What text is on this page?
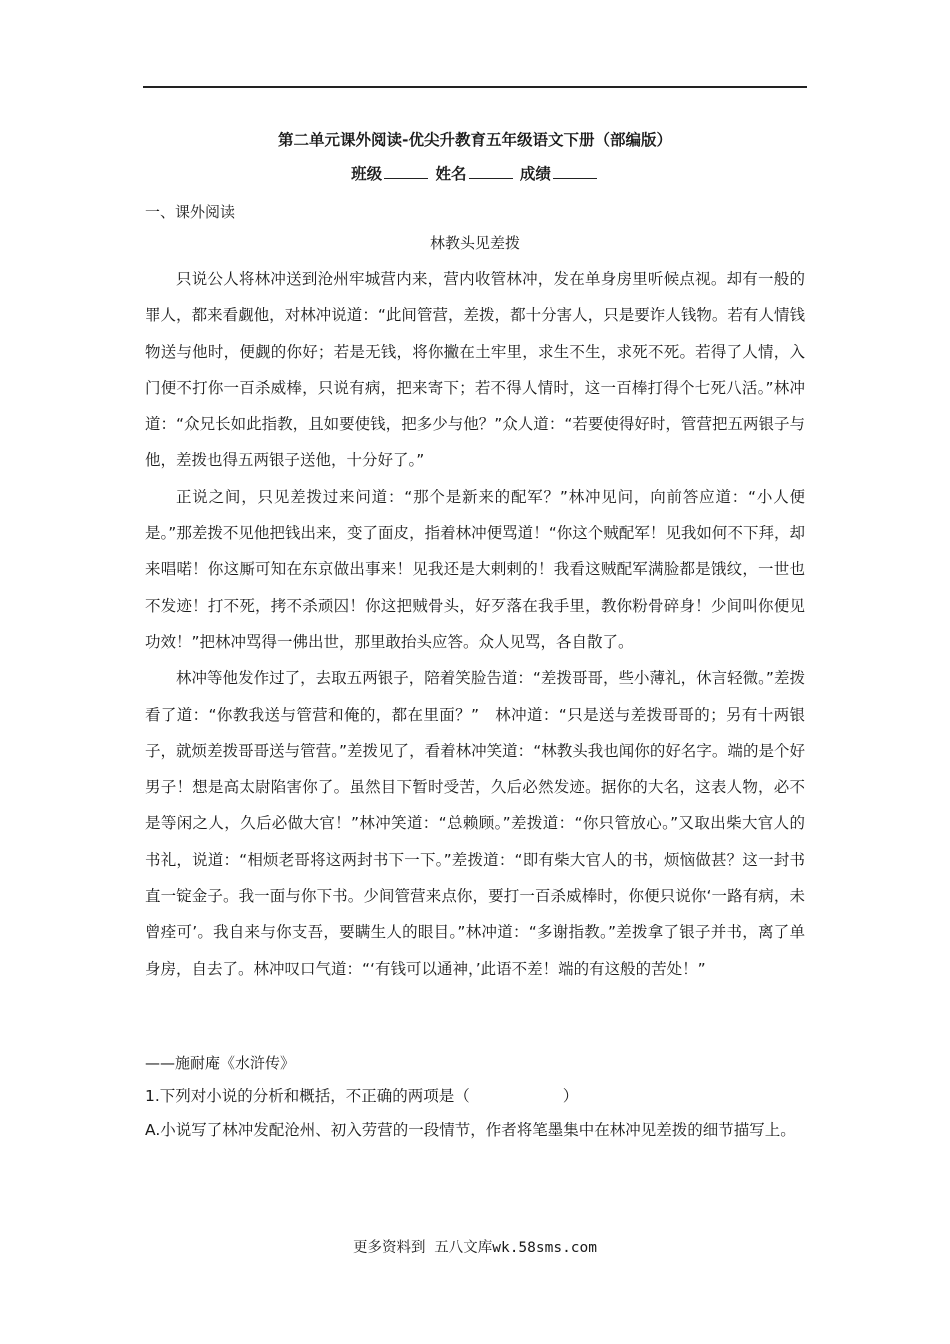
第二单元课外阅读-优尖升教育五年级语文下册（部编版）
班级	姓名	成绩
一、课外阅读
林教头见差拨

只说公人将林冲送到沧州牢城营内来，营内收管林冲，发在单身房里听候点视。却有一般的罪人，都来看觑他，对林冲说道：“此间管营，差拨，都十分害人，只是要诈人钱物。若有人情钱物送与他时，便觑的你好；若是无钱，将你撇在土牢里，求生不生，求死不死。若得了人情，入门便不打你一百杀威棒，只说有病，把来寄下；若不得人情时，这一百棒打得个七死八活。”林冲道：“众兄长如此指教，且如要使钱，把多少与他？”众人道：“若要使得好时，管营把五两银子与他，差拨也得五两银子送他，十分好了。”

正说之间，只见差拨过来问道：“那个是新来的配军？”林冲见问，向前答应道：“小人便是。”那差拨不见他把钱出来，变了面皮，指着林冲便骂道！“你这个贼配军！见我如何不下拜，却来唱喏！你这厮可知在东京做出事来！见我还是大剌剌的！我看这贼配军满脸都是饿纹，一世也不发迹！打不死，拷不杀顽囚！你这把贼骨头，好歹落在我手里，教你粉骨碎身！少间叫你便见功效！”把林冲骂得一佛出世，那里敢抬头应答。众人见骂，各自散了。

林冲等他发作过了，去取五两银子，陪着笑脸告道：“差拨哥哥，些小薄礼，休言轻微。”差拨看了道：“你教我送与管营和俺的，都在里面？”　林冲道：“只是送与差拨哥哥的；另有十两银子，就烦差拨哥哥送与管营。”差拨见了，看着林冲笑道：“林教头我也闻你的好名字。端的是个好男子！想是高太尉陷害你了。虽然目下暂时受苦，久后必然发迹。据你的大名，这表人物，必不是等闲之人，久后必做大官！”林冲笑道：“总赖顾。”差拨道：“你只管放心。”又取出柴大官人的书礼，说道：“相烦老哥将这两封书下一下。”差拨道：“即有柴大官人的书，烦恼做甚？这一封书直一锭金子。我一面与你下书。少间管营来点你，要打一百杀威棒时，你便只说你‘一路有病，未曾痊可’。我自来与你支吾，要瞒生人的眼目。”林冲道：“多谢指教。”差拨拿了银子并书，离了单身房，自去了。林冲叹口气道：“‘有钱可以通神，’此语不差！端的有这般的苦处！”

——施耐庵《水浒传》

1.下列对小说的分析和概括，不正确的两项是（　　　　　　）

A.小说写了林冲发配沧州、初入劳营的一段情节，作者将笔墨集中在林冲见差拨的细节描写上。

更多资料到 五八文库wk.58sms.com
